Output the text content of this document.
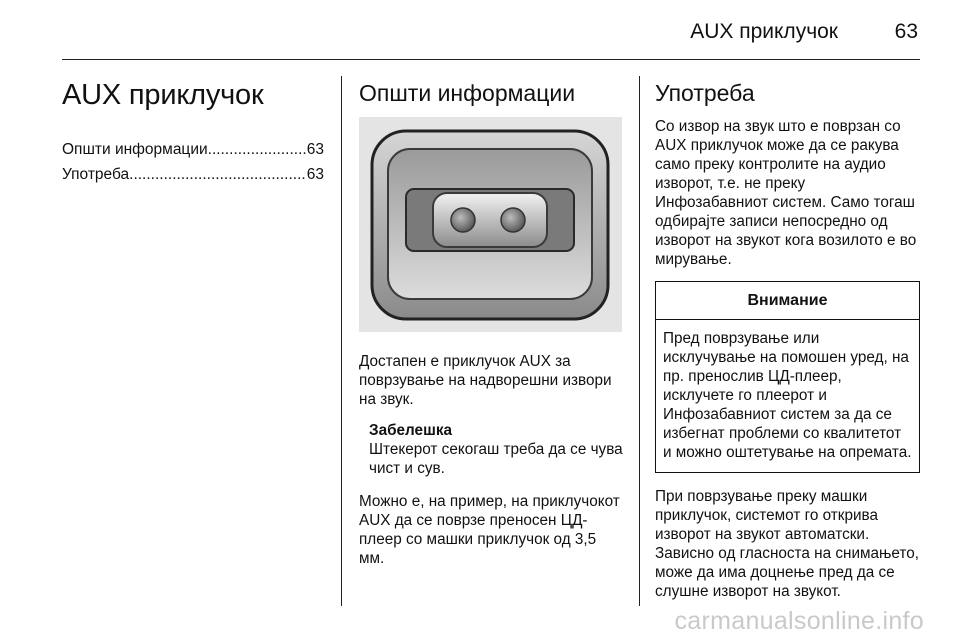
AUX приклучок	63
AUX приклучок
Општи информации .....	63
Употреба .....	63
Општи информации

Достапен е приклучок AUX за поврзување на надворешни извори на звук.

Забелешка

Штекерот секогаш треба да се чува чист и сув.

Можно е, на пример, на приклучокот AUX да се поврзе преносен ЦД-плеер со машки приклучок од 3,5 мм.

Употреба

Со извор на звук што е поврзан со AUX приклучок може да се ракува само преку контролите на аудио изворот, т.е. не преку Инфозабавниот систем. Само тогаш одбирајте записи непосредно од изворот на звукот кога возилото е во мирување.

Внимание

Пред поврзување или исклучување на помошен уред, на пр. пренослив ЦД-плеер, исклучете го плеерот и Инфозабавниот систем за да се избегнат проблеми со квалитетот и можно оштетување на опремата.

При поврзување преку машки приклучок, системот го открива изворот на звукот автоматски. Зависно од гласноста на снимањето, може да има доцнење пред да се слушне изворот на звукот.

carmanualsonline.info
